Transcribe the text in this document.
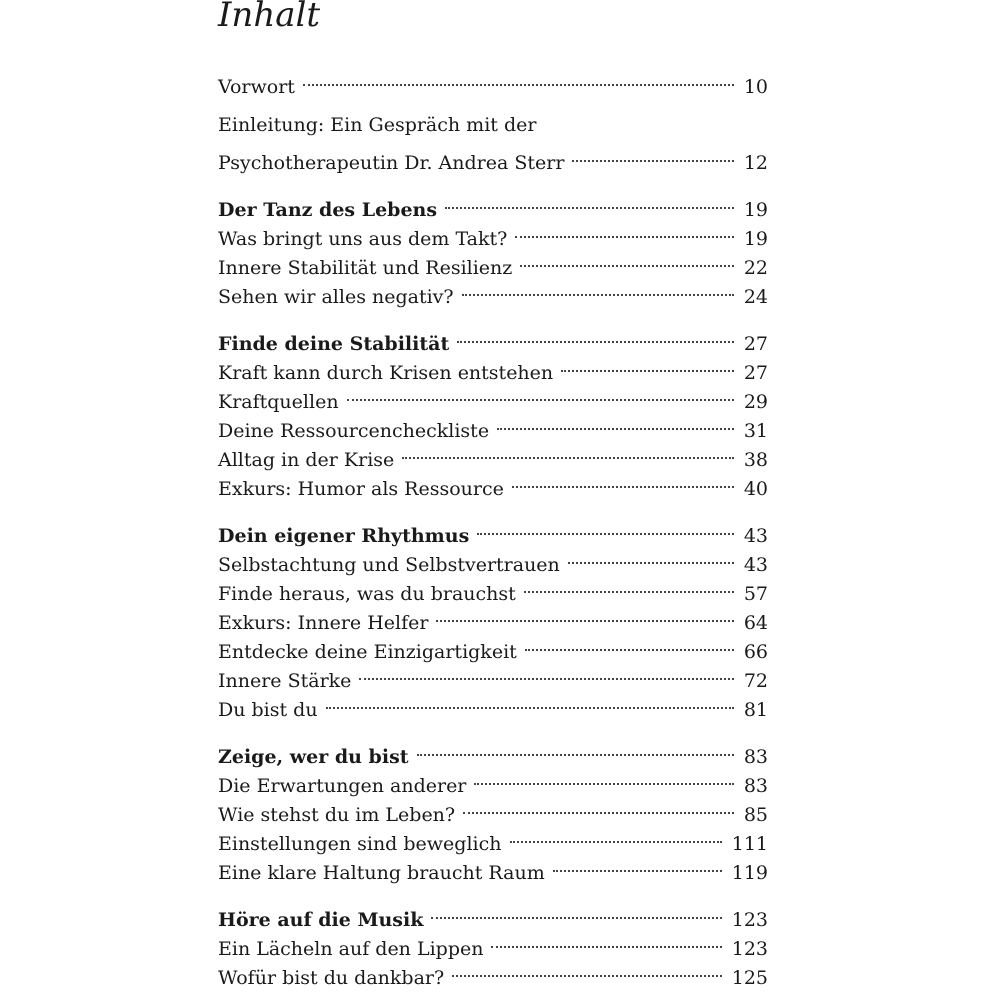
Inhalt
Vorwort	10
Einleitung: Ein Gespräch mit der
Psychotherapeutin Dr. Andrea Sterr	12
Der Tanz des Lebens	19
Was bringt uns aus dem Takt?	19
Innere Stabilität und Resilienz	22
Sehen wir alles negativ?	24
Finde deine Stabilität	27
Kraft kann durch Krisen entstehen	27
Kraftquellen	29
Deine Ressourcencheckliste	31
Alltag in der Krise	38
Exkurs: Humor als Ressource	40
Dein eigener Rhythmus	43
Selbstachtung und Selbstvertrauen	43
Finde heraus, was du brauchst	57
Exkurs: Innere Helfer	64
Entdecke deine Einzigartigkeit	66
Innere Stärke	72
Du bist du	81
Zeige, wer du bist	83
Die Erwartungen anderer	83
Wie stehst du im Leben?	85
Einstellungen sind beweglich	111
Eine klare Haltung braucht Raum	119
Höre auf die Musik	123
Ein Lächeln auf den Lippen	123
Wofür bist du dankbar?	125
